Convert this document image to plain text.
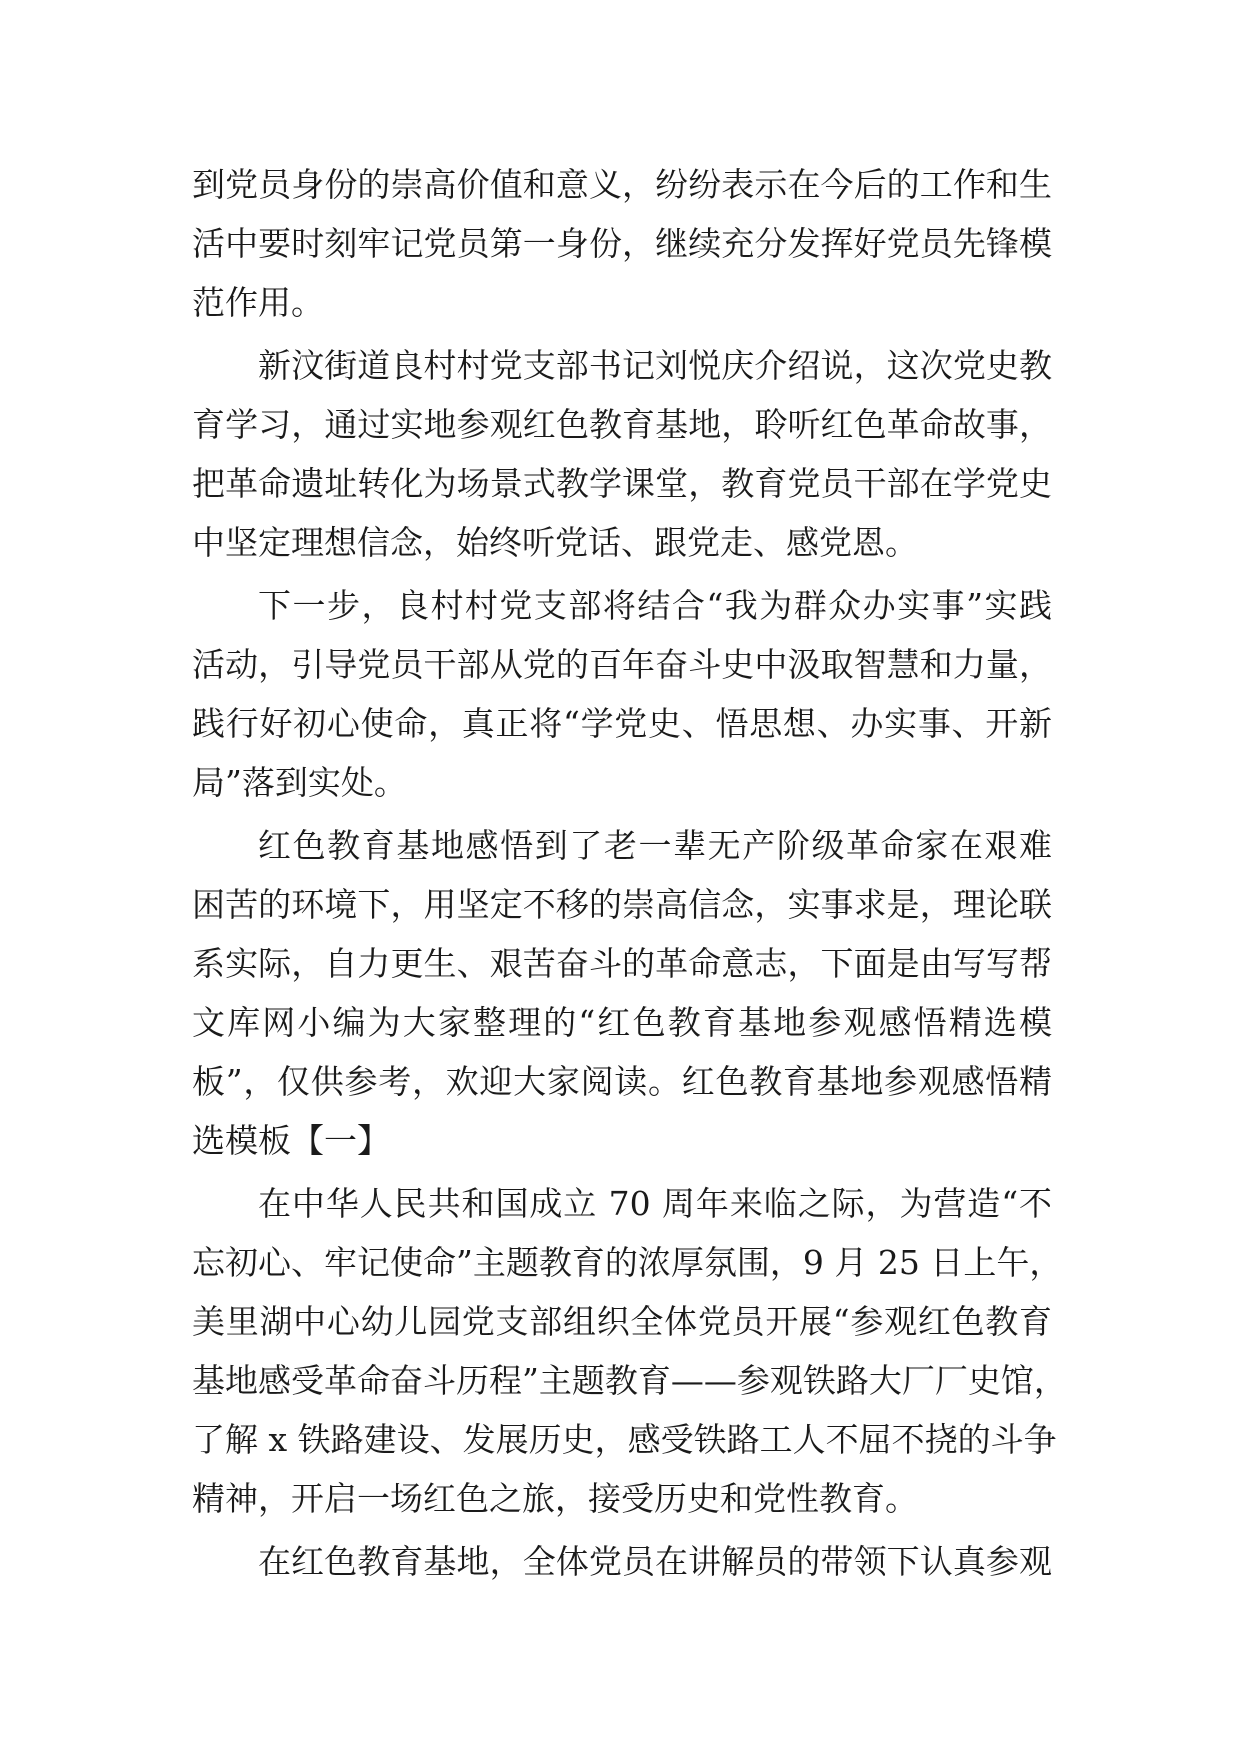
到党员身份的崇高价值和意义，纷纷表示在今后的工作和生
活中要时刻牢记党员第一身份，继续充分发挥好党员先锋模
范作用。
新汶街道良村村党支部书记刘悦庆介绍说，这次党史教
育学习，通过实地参观红色教育基地，聆听红色革命故事，
把革命遗址转化为场景式教学课堂，教育党员干部在学党史
中坚定理想信念，始终听党话、跟党走、感党恩。
下一步，良村村党支部将结合“我为群众办实事”实践
活动，引导党员干部从党的百年奋斗史中汲取智慧和力量，
践行好初心使命，真正将“学党史、悟思想、办实事、开新
局”落到实处。
红色教育基地感悟到了老一辈无产阶级革命家在艰难
困苦的环境下，用坚定不移的崇高信念，实事求是，理论联
系实际，自力更生、艰苦奋斗的革命意志，下面是由写写帮
文库网小编为大家整理的“红色教育基地参观感悟精选模
板”，仅供参考，欢迎大家阅读。红色教育基地参观感悟精
选模板【一】
在中华人民共和国成立 70 周年来临之际，为营造“不
忘初心、牢记使命”主题教育的浓厚氛围，9 月 25 日上午，
美里湖中心幼儿园党支部组织全体党员开展“参观红色教育
基地感受革命奋斗历程”主题教育——参观铁路大厂厂史馆，
了解 x 铁路建设、发展历史，感受铁路工人不屈不挠的斗争
精神，开启一场红色之旅，接受历史和党性教育。
在红色教育基地，全体党员在讲解员的带领下认真参观
